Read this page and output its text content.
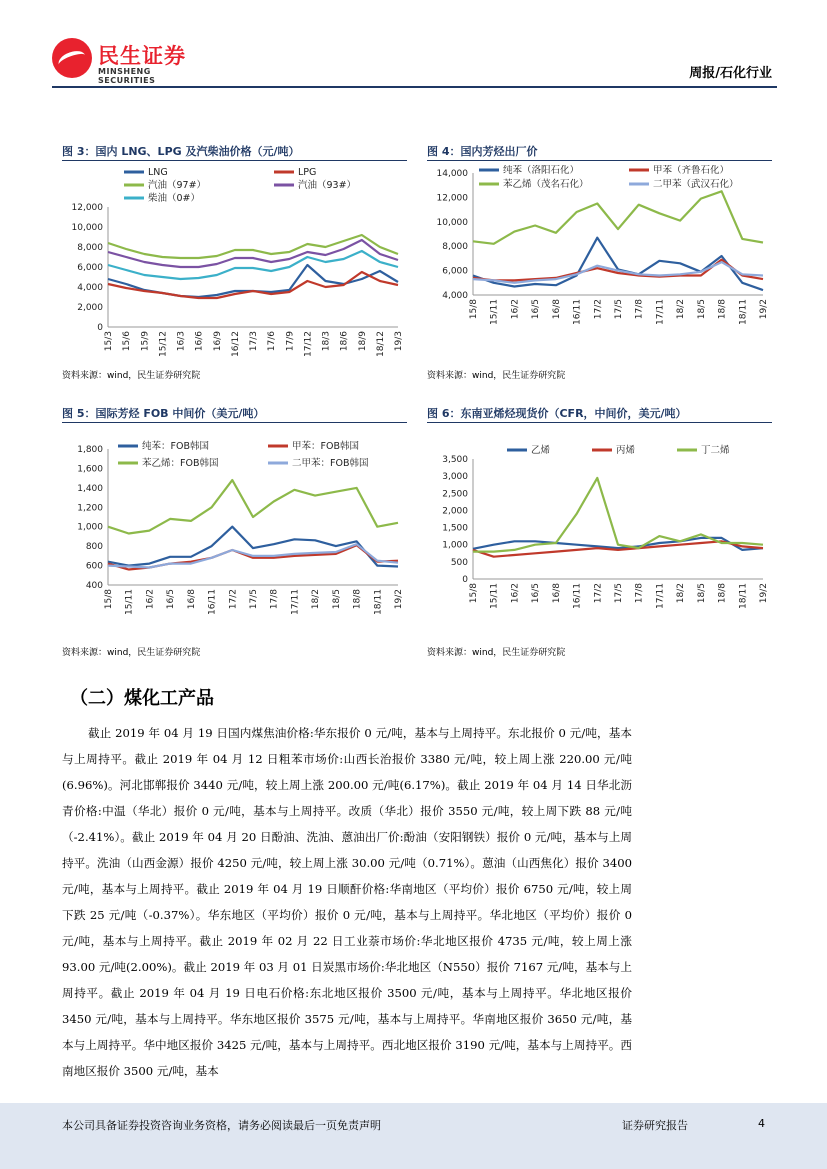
民生证券
MINSHENG SECURITIES	周报/石化行业
图 3：国内 LNG、LPG 及汽柴油价格（元/吨）
0
2,000
4,000
6,000
8,000
10,000
12,000
15/3 15/6 15/9 15/12 16/3 16/6 16/9 16/12 17/3 17/6 17/9 17/12 18/3 18/6 18/9 18/12 19/3
LNG	LPG
汽油（97#）	汽油（93#）
柴油（0#）
资料来源：wind，民生证券研究院
图 4：国内芳烃出厂价
4,000
6,000
8,000
10,000
12,000
14,000
15/8 15/11 16/2 16/5 16/8 16/11 17/2 17/5 17/8 17/11 18/2 18/5 18/8 18/11 19/2
纯苯（洛阳石化）	甲苯（齐鲁石化）
苯乙烯（茂名石化）	二甲苯（武汉石化）
资料来源：wind，民生证券研究院
图 5：国际芳烃 FOB 中间价（美元/吨）
400
600
800
1,000
1,200
1,400
1,600
1,800
15/8 15/11 16/2 16/5 16/8 16/11 17/2 17/5 17/8 17/11 18/2 18/5 18/8 18/11 19/2
纯苯：FOB韩国	甲苯：FOB韩国
苯乙烯：FOB韩国	二甲苯：FOB韩国
资料来源：wind，民生证券研究院
图 6：东南亚烯烃现货价（CFR，中间价，美元/吨）
0
500
1,000
1,500
2,000
2,500
3,000
3,500
15/8 15/11 16/2 16/5 16/8 16/11 17/2 17/5 17/8 17/11 18/2 18/5 18/8 18/11 19/2
乙烯	丙烯	丁二烯
资料来源：wind，民生证券研究院
（二）煤化工产品

截止 2019 年 04 月 19 日国内煤焦油价格:华东报价 0 元/吨，基本与上周持平。东北报价 0 元/吨，基本与上周持平。截止 2019 年 04 月 12 日粗苯市场价:山西长治报价 3380 元/吨，较上周上涨 220.00 元/吨(6.96%)。河北邯郸报价 3440 元/吨，较上周上涨 200.00 元/吨(6.17%)。截止 2019 年 04 月 14 日华北沥青价格:中温（华北）报价 0 元/吨，基本与上周持平。改质（华北）报价 3550 元/吨，较上周下跌 88 元/吨（-2.41%）。截止 2019 年 04 月 20 日酚油、洗油、蒽油出厂价:酚油（安阳钢铁）报价 0 元/吨，基本与上周持平。洗油（山西金源）报价 4250 元/吨，较上周上涨 30.00 元/吨（0.71%）。蒽油（山西焦化）报价 3400 元/吨，基本与上周持平。截止 2019 年 04 月 19 日顺酐价格:华南地区（平均价）报价 6750 元/吨，较上周下跌 25 元/吨（-0.37%）。华东地区（平均价）报价 0 元/吨，基本与上周持平。华北地区（平均价）报价 0 元/吨，基本与上周持平。截止 2019 年 02 月 22 日工业萘市场价:华北地区报价 4735 元/吨，较上周上涨 93.00 元/吨(2.00%)。截止 2019 年 03 月 01 日炭黑市场价:华北地区（N550）报价 7167 元/吨，基本与上周持平。截止 2019 年 04 月 19 日电石价格:东北地区报价 3500 元/吨，基本与上周持平。华北地区报价 3450 元/吨，基本与上周持平。华东地区报价 3575 元/吨，基本与上周持平。华南地区报价 3650 元/吨，基本与上周持平。华中地区报价 3425 元/吨，基本与上周持平。西北地区报价 3190 元/吨，基本与上周持平。西南地区报价 3500 元/吨，基本

本公司具备证券投资咨询业务资格，请务必阅读最后一页免责声明	证券研究报告	4
